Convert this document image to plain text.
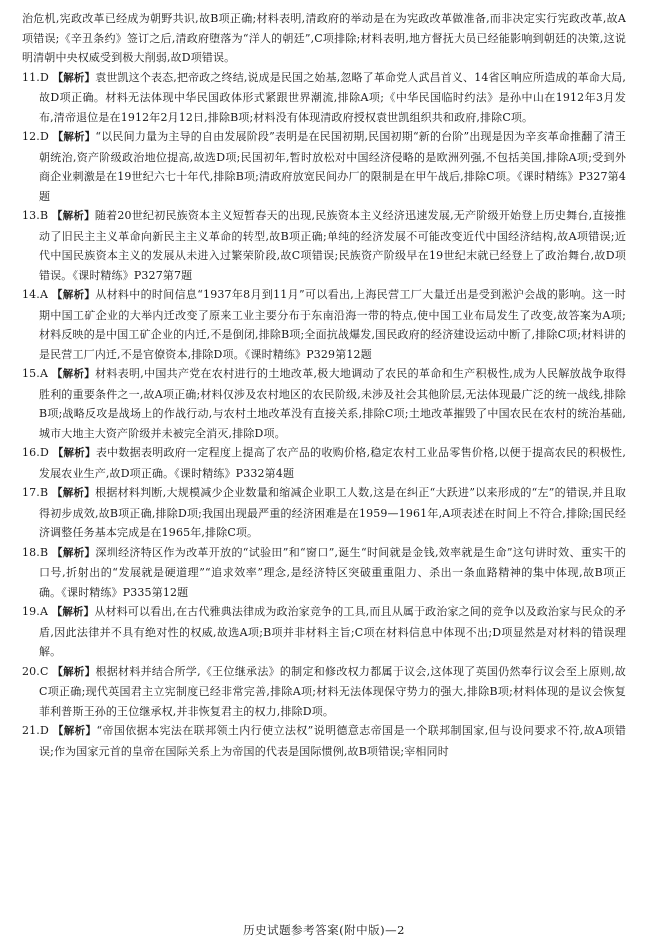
治危机,宪政改革已经成为朝野共识,故B项正确;材料表明,清政府的举动是在为宪政改革做准备,而非决定实行宪政改革,故A项错误;《辛丑条约》签订之后,清政府堕落为“洋人的朝廷”,C项排除;材料表明,地方督抚大员已经能影响到朝廷的决策,这说明清朝中央权威受到极大削弱,故D项错误。

11.D 【解析】袁世凯这个表态,把帝政之终结,说成是民国之始基,忽略了革命党人武昌首义、14省区响应所造成的革命大局,故D项正确。材料无法体现中华民国政体形式紧跟世界潮流,排除A项;《中华民国临时约法》是孙中山在1912年3月发布,清帝退位是在1912年2月12日,排除B项;材料没有体现清政府授权袁世凯组织共和政府,排除C项。

12.D 【解析】“以民间力量为主导的自由发展阶段”表明是在民国初期,民国初期“新的台阶”出现是因为辛亥革命推翻了清王朝统治,资产阶级政治地位提高,故选D项;民国初年,暂时放松对中国经济侵略的是欧洲列强,不包括美国,排除A项;受到外商企业刺激是在19世纪六七十年代,排除B项;清政府放宽民间办厂的限制是在甲午战后,排除C项。《课时精练》P327第4题

13.B 【解析】随着20世纪初民族资本主义短暂春天的出现,民族资本主义经济迅速发展,无产阶级开始登上历史舞台,直接推动了旧民主主义革命向新民主主义革命的转型,故B项正确;单纯的经济发展不可能改变近代中国经济结构,故A项错误;近代中国民族资本主义的发展从未进入过繁荣阶段,故C项错误;民族资产阶级早在19世纪末就已经登上了政治舞台,故D项错误。《课时精练》P327第7题

14.A 【解析】从材料中的时间信息“1937年8月到11月”可以看出,上海民营工厂大量迁出是受到淞沪会战的影响。这一时期中国工矿企业的大举内迁改变了原来工业主要分布于东南沿海一带的特点,使中国工业布局发生了改变,故答案为A项;材料反映的是中国工矿企业的内迁,不是倒闭,排除B项;全面抗战爆发,国民政府的经济建设运动中断了,排除C项;材料讲的是民营工厂内迁,不是官僚资本,排除D项。《课时精练》P329第12题

15.A 【解析】材料表明,中国共产党在农村进行的土地改革,极大地调动了农民的革命和生产积极性,成为人民解放战争取得胜利的重要条件之一,故A项正确;材料仅涉及农村地区的农民阶级,未涉及社会其他阶层,无法体现最广泛的统一战线,排除B项;战略反攻是战场上的作战行动,与农村土地改革没有直接关系,排除C项;土地改革摧毁了中国农民在农村的统治基础,城市大地主大资产阶级并未被完全消灭,排除D项。

16.D 【解析】表中数据表明政府一定程度上提高了农产品的收购价格,稳定农村工业品零售价格,以便于提高农民的积极性,发展农业生产,故D项正确。《课时精练》P332第4题

17.B 【解析】根据材料判断,大规模减少企业数量和缩减企业职工人数,这是在纠正“大跃进”以来形成的“左”的错误,并且取得初步成效,故B项正确,排除D项;我国出现最严重的经济困难是在1959—1961年,A项表述在时间上不符合,排除;国民经济调整任务基本完成是在1965年,排除C项。

18.B 【解析】深圳经济特区作为改革开放的“试验田”和“窗口”,诞生“时间就是金钱,效率就是生命”这句讲时效、重实干的口号,折射出的“发展就是硬道理”“追求效率”理念,是经济特区突破重重阻力、杀出一条血路精神的集中体现,故B项正确。《课时精练》P335第12题

19.A 【解析】从材料可以看出,在古代雅典法律成为政治家竞争的工具,而且从属于政治家之间的竞争以及政治家与民众的矛盾,因此法律并不具有绝对性的权威,故选A项;B项并非材料主旨;C项在材料信息中体现不出;D项显然是对材料的错误理解。

20.C 【解析】根据材料并结合所学,《王位继承法》的制定和修改权力都属于议会,这体现了英国仍然奉行议会至上原则,故C项正确;现代英国君主立宪制度已经非常完善,排除A项;材料无法体现保守势力的强大,排除B项;材料体现的是议会恢复菲利普斯王孙的王位继承权,并非恢复君主的权力,排除D项。

21.D 【解析】“帝国依据本宪法在联邦领土内行使立法权”说明德意志帝国是一个联邦制国家,但与设问要求不符,故A项错误;作为国家元首的皇帝在国际关系上为帝国的代表是国际惯例,故B项错误;宰相同时

历史试题参考答案(附中版)—2
